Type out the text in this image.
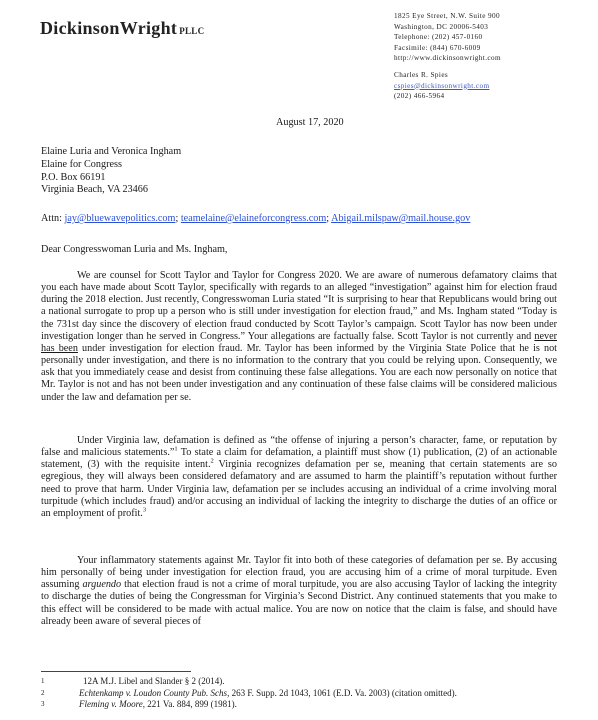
DickinsonWright PLLC
1825 Eye Street, N.W. Suite 900
Washington, DC 20006-5403
Telephone: (202) 457-0160
Facsimile: (844) 670-6009
http://www.dickinsonwright.com
Charles R. Spies
cspies@dickinsonwright.com
(202) 466-5964
August 17, 2020
Elaine Luria and Veronica Ingham
Elaine for Congress
P.O. Box 66191
Virginia Beach, VA 23466
Attn: jay@bluewavepolitics.com; teamelaine@elaineforcongress.com; Abigail.milspaw@mail.house.gov
Dear Congresswoman Luria and Ms. Ingham,

We are counsel for Scott Taylor and Taylor for Congress 2020. We are aware of numerous defamatory claims that you each have made about Scott Taylor, specifically with regards to an alleged “investigation” against him for election fraud during the 2018 election. Just recently, Congresswoman Luria stated “It is surprising to hear that Republicans would bring out a national surrogate to prop up a person who is still under investigation for election fraud,” and Ms. Ingham stated “Today is the 731st day since the discovery of election fraud conducted by Scott Taylor’s campaign. Scott Taylor has now been under investigation longer than he served in Congress.” Your allegations are factually false. Scott Taylor is not currently and never has been under investigation for election fraud. Mr. Taylor has been informed by the Virginia State Police that he is not personally under investigation, and there is no information to the contrary that you could be relying upon. Consequently, we ask that you immediately cease and desist from continuing these false allegations. You are each now personally on notice that Mr. Taylor is not and has not been under investigation and any continuation of these false claims will be considered malicious under the law and defamation per se.

Under Virginia law, defamation is defined as “the offense of injuring a person’s character, fame, or reputation by false and malicious statements.”$^1$ To state a claim for defamation, a plaintiff must show (1) publication, (2) of an actionable statement, (3) with the requisite intent.$^2$ Virginia recognizes defamation per se, meaning that certain statements are so egregious, they will always been considered defamatory and are assumed to harm the plaintiff’s reputation without further need to prove that harm. Under Virginia law, defamation per se includes accusing an individual of a crime involving moral turpitude (which includes fraud) and/or accusing an individual of lacking the integrity to discharge the duties of an office or an employment of profit.$^3$

Your inflammatory statements against Mr. Taylor fit into both of these categories of defamation per se. By accusing him personally of being under investigation for election fraud, you are accusing him of a crime of moral turpitude. Even assuming arguendo that election fraud is not a crime of moral turpitude, you are also accusing Taylor of lacking the integrity to discharge the duties of being the Congressman for Virginia’s Second District. Any continued statements that you make to this effect will be considered to be made with actual malice. You are now on notice that the claim is false, and should have already been aware of several pieces of

1	12A M.J. Libel and Slander § 2 (2014).
2	Echtenkamp v. Loudon County Pub. Schs, 263 F. Supp. 2d 1043, 1061 (E.D. Va. 2003) (citation omitted).
3	Fleming v. Moore, 221 Va. 884, 899 (1981).
